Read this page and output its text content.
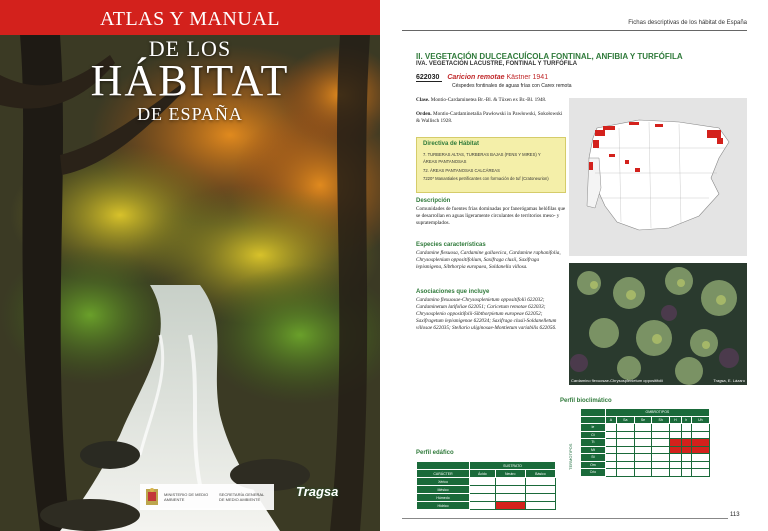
ATLAS Y MANUAL
DE LOS
HÁBITAT
DE ESPAÑA
MINISTERIO DE MEDIO AMBIENTE
SECRETARÍA GENERAL DE MEDIO AMBIENTE
Tragsa
Fichas descriptivas de los hábitat de España
II. VEGETACIÓN DULCEACUÍCOLA FONTINAL, ANFIBIA Y TURFÓFILA
IVA. VEGETACIÓN LACUSTRE, FONTINAL Y TURFÓFILA
622030 Caricion remotae Kästner 1941
Céspedes fontinales de aguas frías con Carex remota
Clase. Montio-Cardaminetea Br.-Bl. & Tüxen ex Br.-Bl. 1948.
Orden. Montio-Cardaminetalia Pawłowski in Pawłowski, Sokołowski & Wallisch 1928.
Directiva de Hábitat
7. TURBERAS ALTAS, TURBERAS BAJAS (FENS Y MIRES) Y
ÁREAS PANTANOSAS
72. ÁREAS PANTANOSAS CALCÁREAS
7220* Manantiales petrificantes con formación de tuf (Cratoneurion)
Descripción
Comunidades de fuentes frías dominadas por fanerógamas helófilas que se desarrollan en aguas ligeramente circulantes de territorios meso- y supratemplados.
Especies características
Cardamine flexuosa, Cardamine gallaecica, Cardamine raphanifolia, Chrysosplenium oppositifolium, Saxifraga clusii, Saxifraga lepismigena, Sibthorpia europaea, Soldanella villosa.
Asociaciones que incluye
Cardamino flexuosae-Chrysosplenietum oppositifolii 622032; Cardaminetum latifoliae 622051; Caricetum remotae 622033; Chrysosplenio oppositifolii-Sibthorpietum europeae 622052; Saxifragetum lepismigenae 622034; Saxifrago clusii-Soldanelletum villosae 622035; Stellario uliginosae-Montietum variabilis 622056.
Cardamino flexuosae-Chrysosplenietum oppositifolii	Tragsa, E. Lázaro
Perfil bioclimático
	OMBROTIPOS						
	A	Sa	Se	Sh	H	h	Uh
Ie							
Ct							
Tt							
Mt							
St							
Om							
Crio							
TERMOTIPOS
Perfil edáfico
	SUSTRATO		
CARÁCTER	Ácido	Neutro	Básico
Xérico			
Mésico			
Húmedo			
Hídrico			
113
